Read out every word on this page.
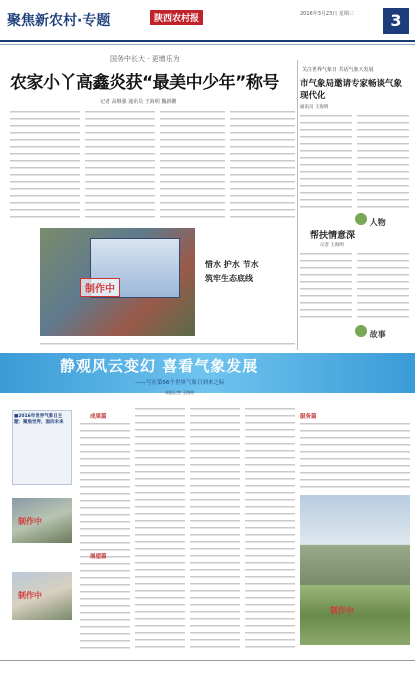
聚焦新农村·专题	陕西农村报	2016年3月23日 星期三	3
国务中长大 · 更增乐为
农家小丫高鑫炎获“最美中少年”称号
记者 高继强 通讯员 王海明 魏新鹏
关注世界气象日 共话气象大发展
市气象局邀请专家畅谈气象现代化
通讯员 王海明
人物
制作中
惜水 护水 节水
筑牢生态底线
帮扶情意深
记者 王海明
故事
静观风云变幻 喜看气象发展
——写在第56个世界气象日到来之际
本报记者 王海明
■2016年世界气象日主题：聚焦世界，面向未来
制作中
制作中
成果篇
展望篇
服务篇
制作中
